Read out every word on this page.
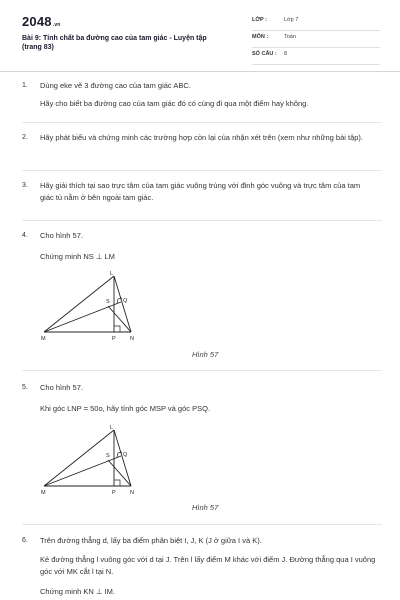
2048.vn
Bài 9: Tính chất ba đường cao của tam giác - Luyện tập (trang 83)
LỚP :	Lớp 7
MÔN :	Toán
SỐ CÂU : 8
1. Dùng eke vẽ 3 đường cao của tam giác ABC.
Hãy cho biết ba đường cao của tam giác đó có cùng đi qua một điểm hay không.
2. Hãy phát biểu và chứng minh các trường hợp còn lại của nhận xét trên (xem như những bài tập).
3. Hãy giải thích tại sao trực tâm của tam giác vuông trùng với đỉnh góc vuông và trực tâm của tam giác tù nằm ở bên ngoài tam giác.
4. Cho hình 57.
Chứng minh NS ⊥ LM
L
S Q
M	P	N
Hình 57
5. Cho hình 57.
Khi góc LNP = 50o, hãy tính góc MSP và góc PSQ.
L
S Q
M	P	N
Hình 57
6. Trên đường thẳng d, lấy ba điểm phân biệt I, J, K (J ở giữa I và K).
Kẻ đường thẳng l vuông góc với d tại J. Trên l lấy điểm M khác với điểm J. Đường thẳng qua I vuông góc với MK cắt l tại N.
Chứng minh KN ⊥ IM.
